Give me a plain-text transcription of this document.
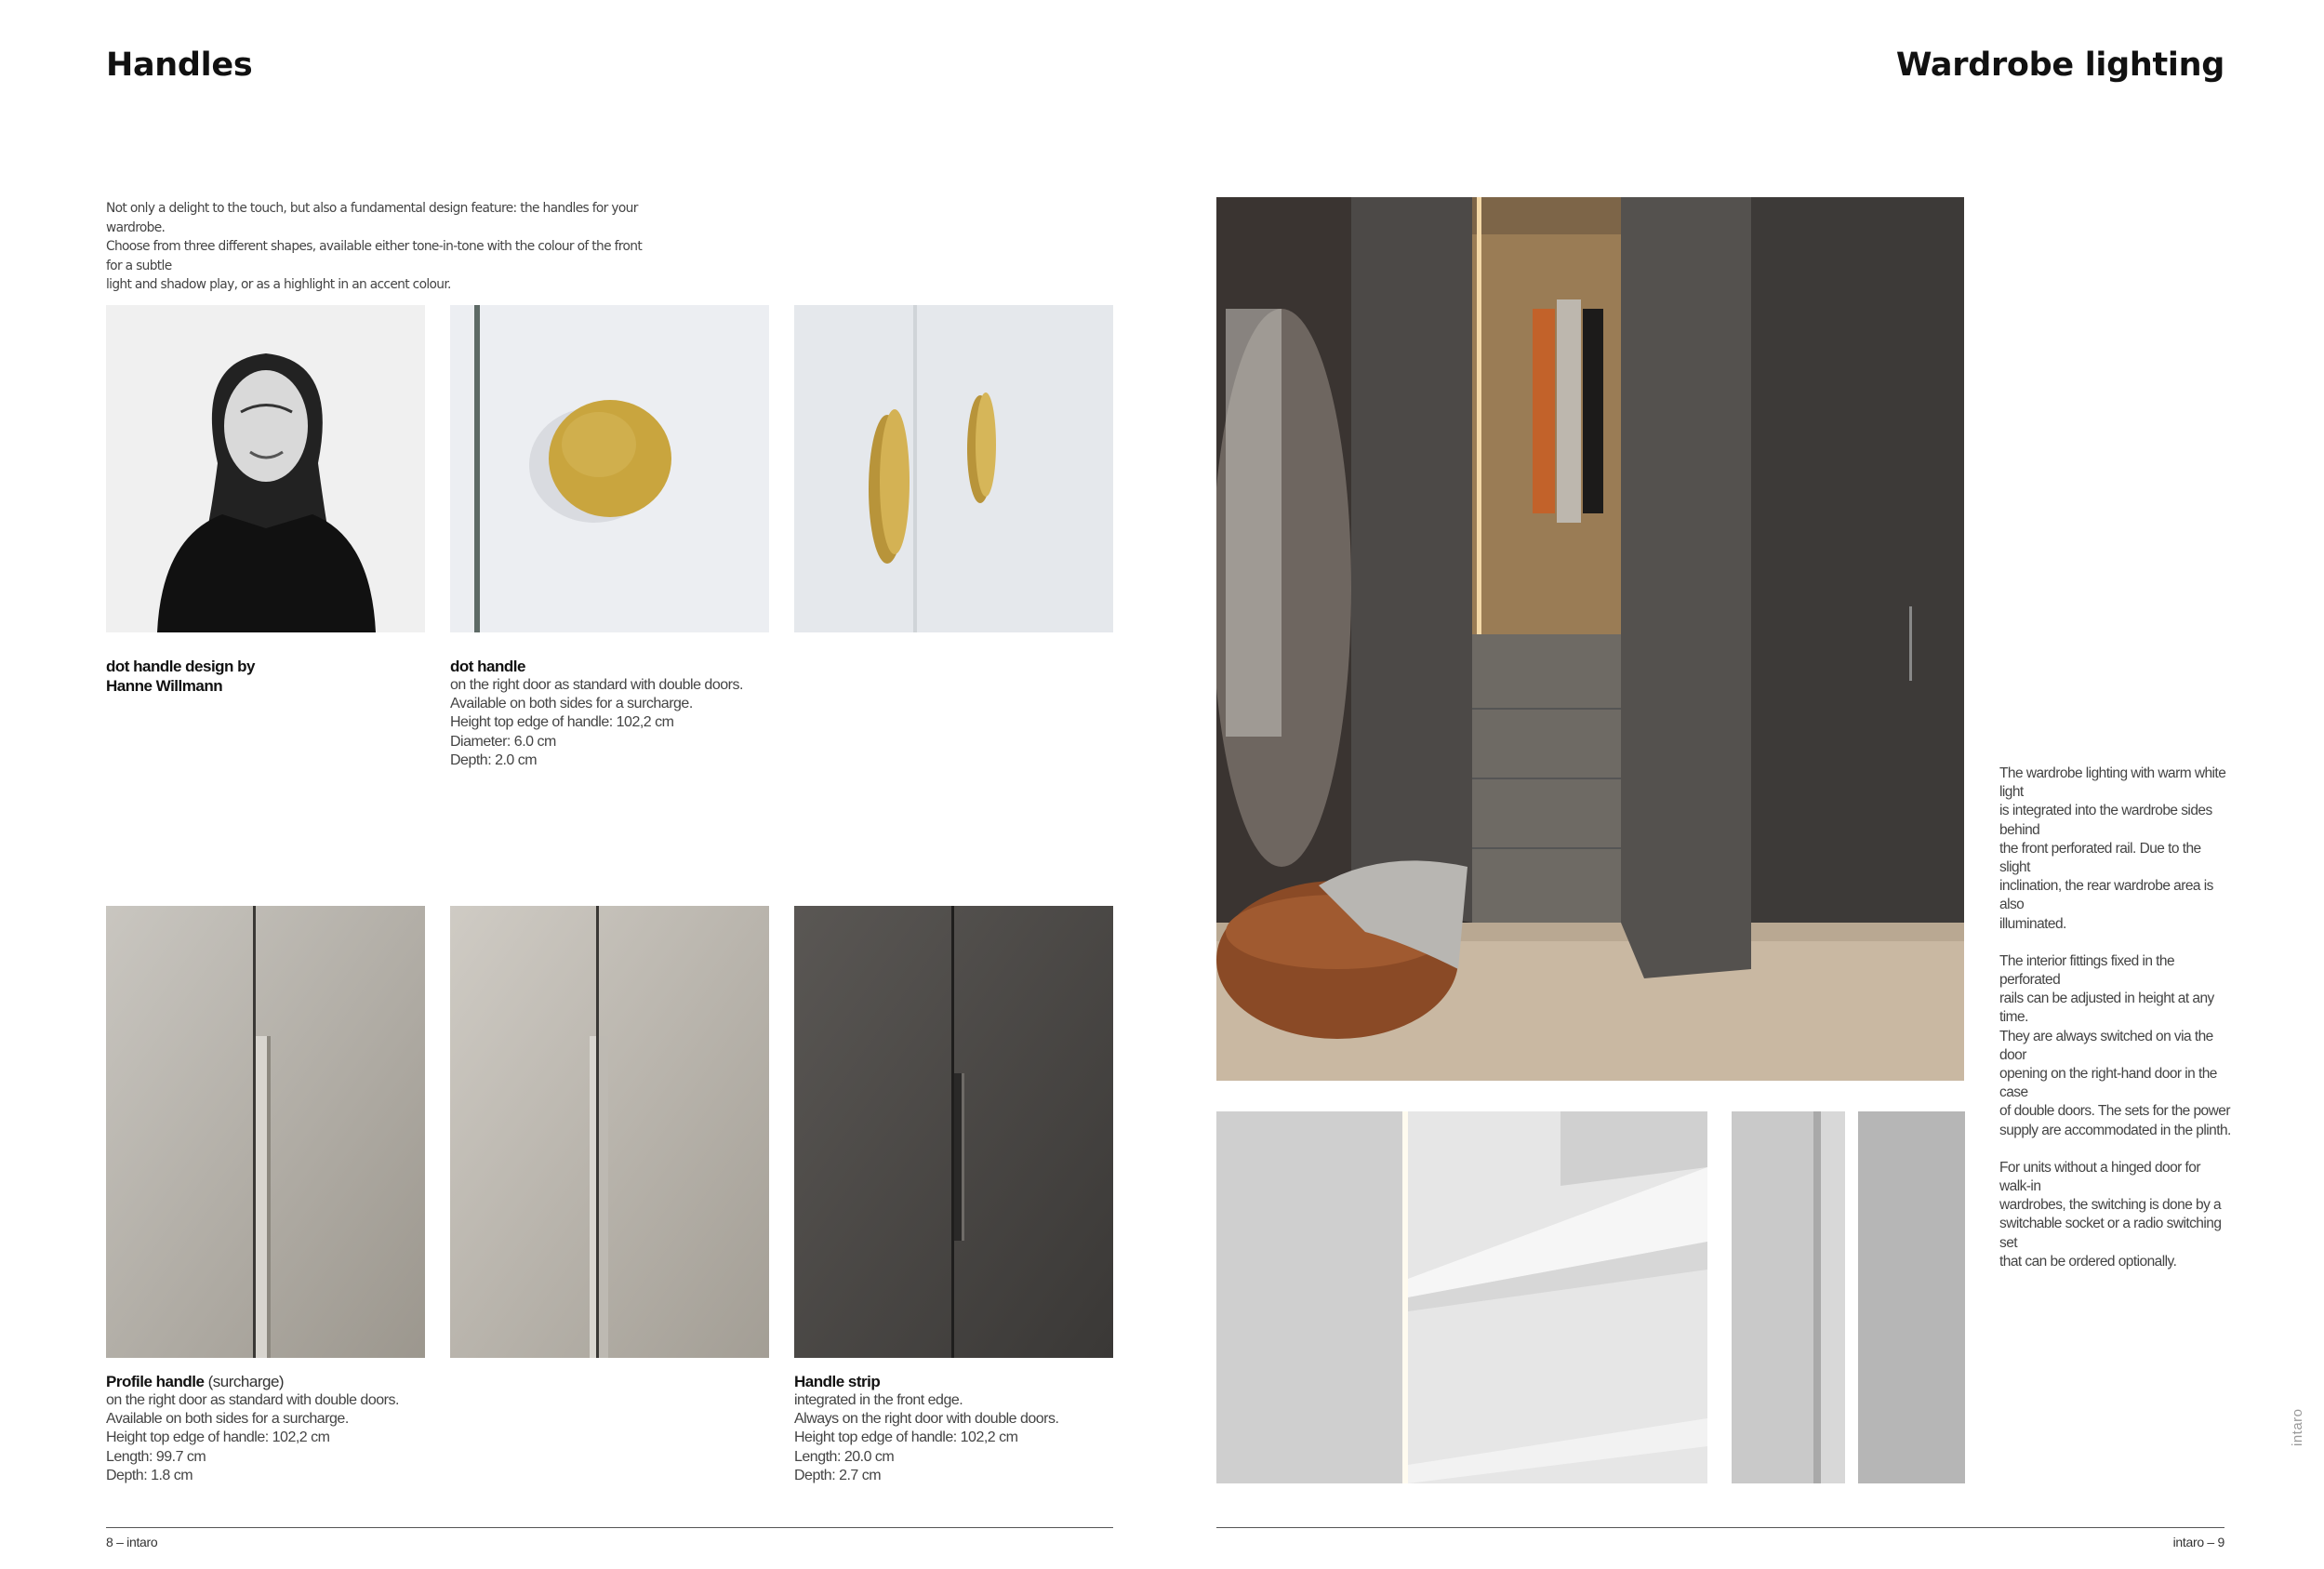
Handles	Wardrobe lighting
Not only a delight to the touch, but also a fundamental design feature: the handles for your wardrobe.
Choose from three different shapes, available either tone-in-tone with the colour of the front for a subtle
light and shadow play, or as a highlight in an accent colour.
dot handle design by
Hanne Willmann
dot handle
on the right door as standard with double doors.
Available on both sides for a surcharge.
Height top edge of handle: 102,2 cm
Diameter: 6.0 cm
Depth: 2.0 cm
Profile handle (surcharge)
on the right door as standard with double doors.
Available on both sides for a surcharge.
Height top edge of handle: 102,2 cm
Length: 99.7 cm
Depth: 1.8 cm
Handle strip
integrated in the front edge.
Always on the right door with double doors.
Height top edge of handle: 102,2 cm
Length: 20.0 cm
Depth: 2.7 cm

The wardrobe lighting with warm white light
is integrated into the wardrobe sides behind
the front perforated rail. Due to the slight
inclination, the rear wardrobe area is also
illuminated.

The interior fittings fixed in the perforated
rails can be adjusted in height at any time.
They are always switched on via the door
opening on the right-hand door in the case
of double doors. The sets for the power
supply are accommodated in the plinth.

For units without a hinged door for walk-in
wardrobes, the switching is done by a
switchable socket or a radio switching set
that can be ordered optionally.

intaro
8 – intaro	intaro – 9
